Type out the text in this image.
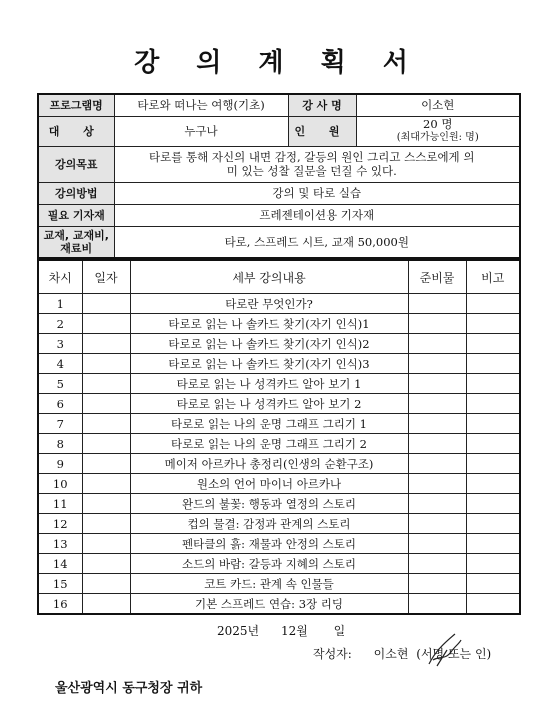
강 의 계 획 서
프로그램명	타로와 떠나는 여행(기초)	강 사 명	이소현
대 상	누구나	인 원	20 명
(최대가능인원: 명)

강의목표	타로를 통해 자신의 내면 감정, 갈등의 원인 그리고 스스로에게 의미 있는 성찰 질문을 던질 수 있다.		
강의방법	강의 및 타로 실습		
필요 기자재	프레젠테이션용 기자재		
교재, 교재비, 재료비	타로, 스프레드 시트, 교재 50,000원		
차시	일자	세부 강의내용	준비물	비고
1		타로란 무엇인가?		
2		타로로 읽는 나 솔카드 찾기(자기 인식)1		
3		타로로 읽는 나 솔카드 찾기(자기 인식)2		
4		타로로 읽는 나 솔카드 찾기(자기 인식)3		
5		타로로 읽는 나 성격카드 알아 보기 1		
6		타로로 읽는 나 성격카드 알아 보기 2		
7		타로로 읽는 나의 운명 그래프 그리기 1		
8		타로로 읽는 나의 운명 그래프 그리기 2		
9		메이저 아르카나 총정리(인생의 순환구조)		
10		원소의 언어 마이너 아르카나		
11		완드의 불꽃: 행동과 열정의 스토리		
12		컵의 물결: 감정과 관계의 스토리		
13		펜타클의 흙: 재물과 안정의 스토리		
14		소드의 바람: 갈등과 지혜의 스토리		
15		코트 카드: 관계 속 인물들		
16		기본 스프레드 연습: 3장 리딩		
2025년 12월 일
작성자: 이소현 (서명 또는 인)
울산광역시 동구청장 귀하
